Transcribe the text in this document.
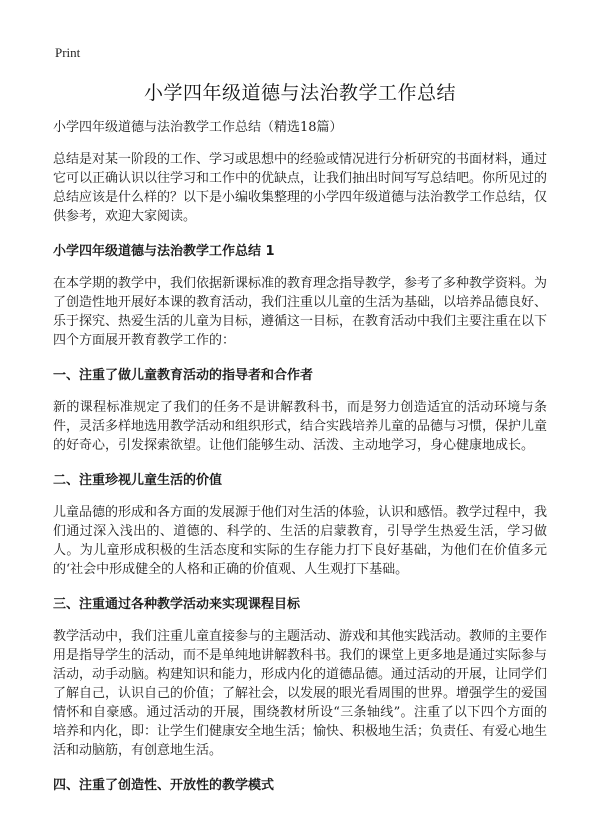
Print
小学四年级道德与法治教学工作总结

小学四年级道德与法治教学工作总结（精选18篇）

总结是对某一阶段的工作、学习或思想中的经验或情况进行分析研究的书面材料，通过它可以正确认识以往学习和工作中的优缺点，让我们抽出时间写写总结吧。你所见过的总结应该是什么样的？以下是小编收集整理的小学四年级道德与法治教学工作总结，仅供参考，欢迎大家阅读。

小学四年级道德与法治教学工作总结 1

在本学期的教学中，我们依据新课标准的教育理念指导教学，参考了多种教学资料。为了创造性地开展好本课的教育活动，我们注重以儿童的生活为基础，以培养品德良好、乐于探究、热爱生活的儿童为目标，遵循这一目标，在教育活动中我们主要注重在以下四个方面展开教育教学工作的：

一、注重了做儿童教育活动的指导者和合作者

新的课程标准规定了我们的任务不是讲解教科书，而是努力创造适宜的活动环境与条件，灵活多样地选用教学活动和组织形式，结合实践培养儿童的品德与习惯，保护儿童的好奇心，引发探索欲望。让他们能够生动、活泼、主动地学习，身心健康地成长。

二、注重珍视儿童生活的价值

儿童品德的形成和各方面的发展源于他们对生活的体验，认识和感悟。教学过程中，我们通过深入浅出的、道德的、科学的、生活的启蒙教育，引导学生热爱生活，学习做人。为儿童形成积极的生活态度和实际的生存能力打下良好基础，为他们在价值多元的‘社会中形成健全的人格和正确的价值观、人生观打下基础。

三、注重通过各种教学活动来实现课程目标

教学活动中，我们注重儿童直接参与的主题活动、游戏和其他实践活动。教师的主要作用是指导学生的活动，而不是单纯地讲解教科书。我们的课堂上更多地是通过实际参与活动，动手动脑。构建知识和能力，形成内化的道德品德。通过活动的开展，让同学们了解自己，认识自己的价值；了解社会，以发展的眼光看周围的世界。增强学生的爱国情怀和自豪感。通过活动的开展，围绕教材所设“三条轴线”。注重了以下四个方面的培养和内化，即：让学生们健康安全地生活；愉快、积极地生活；负责任、有爱心地生活和动脑筋，有创意地生活。

四、注重了创造性、开放性的教学模式
